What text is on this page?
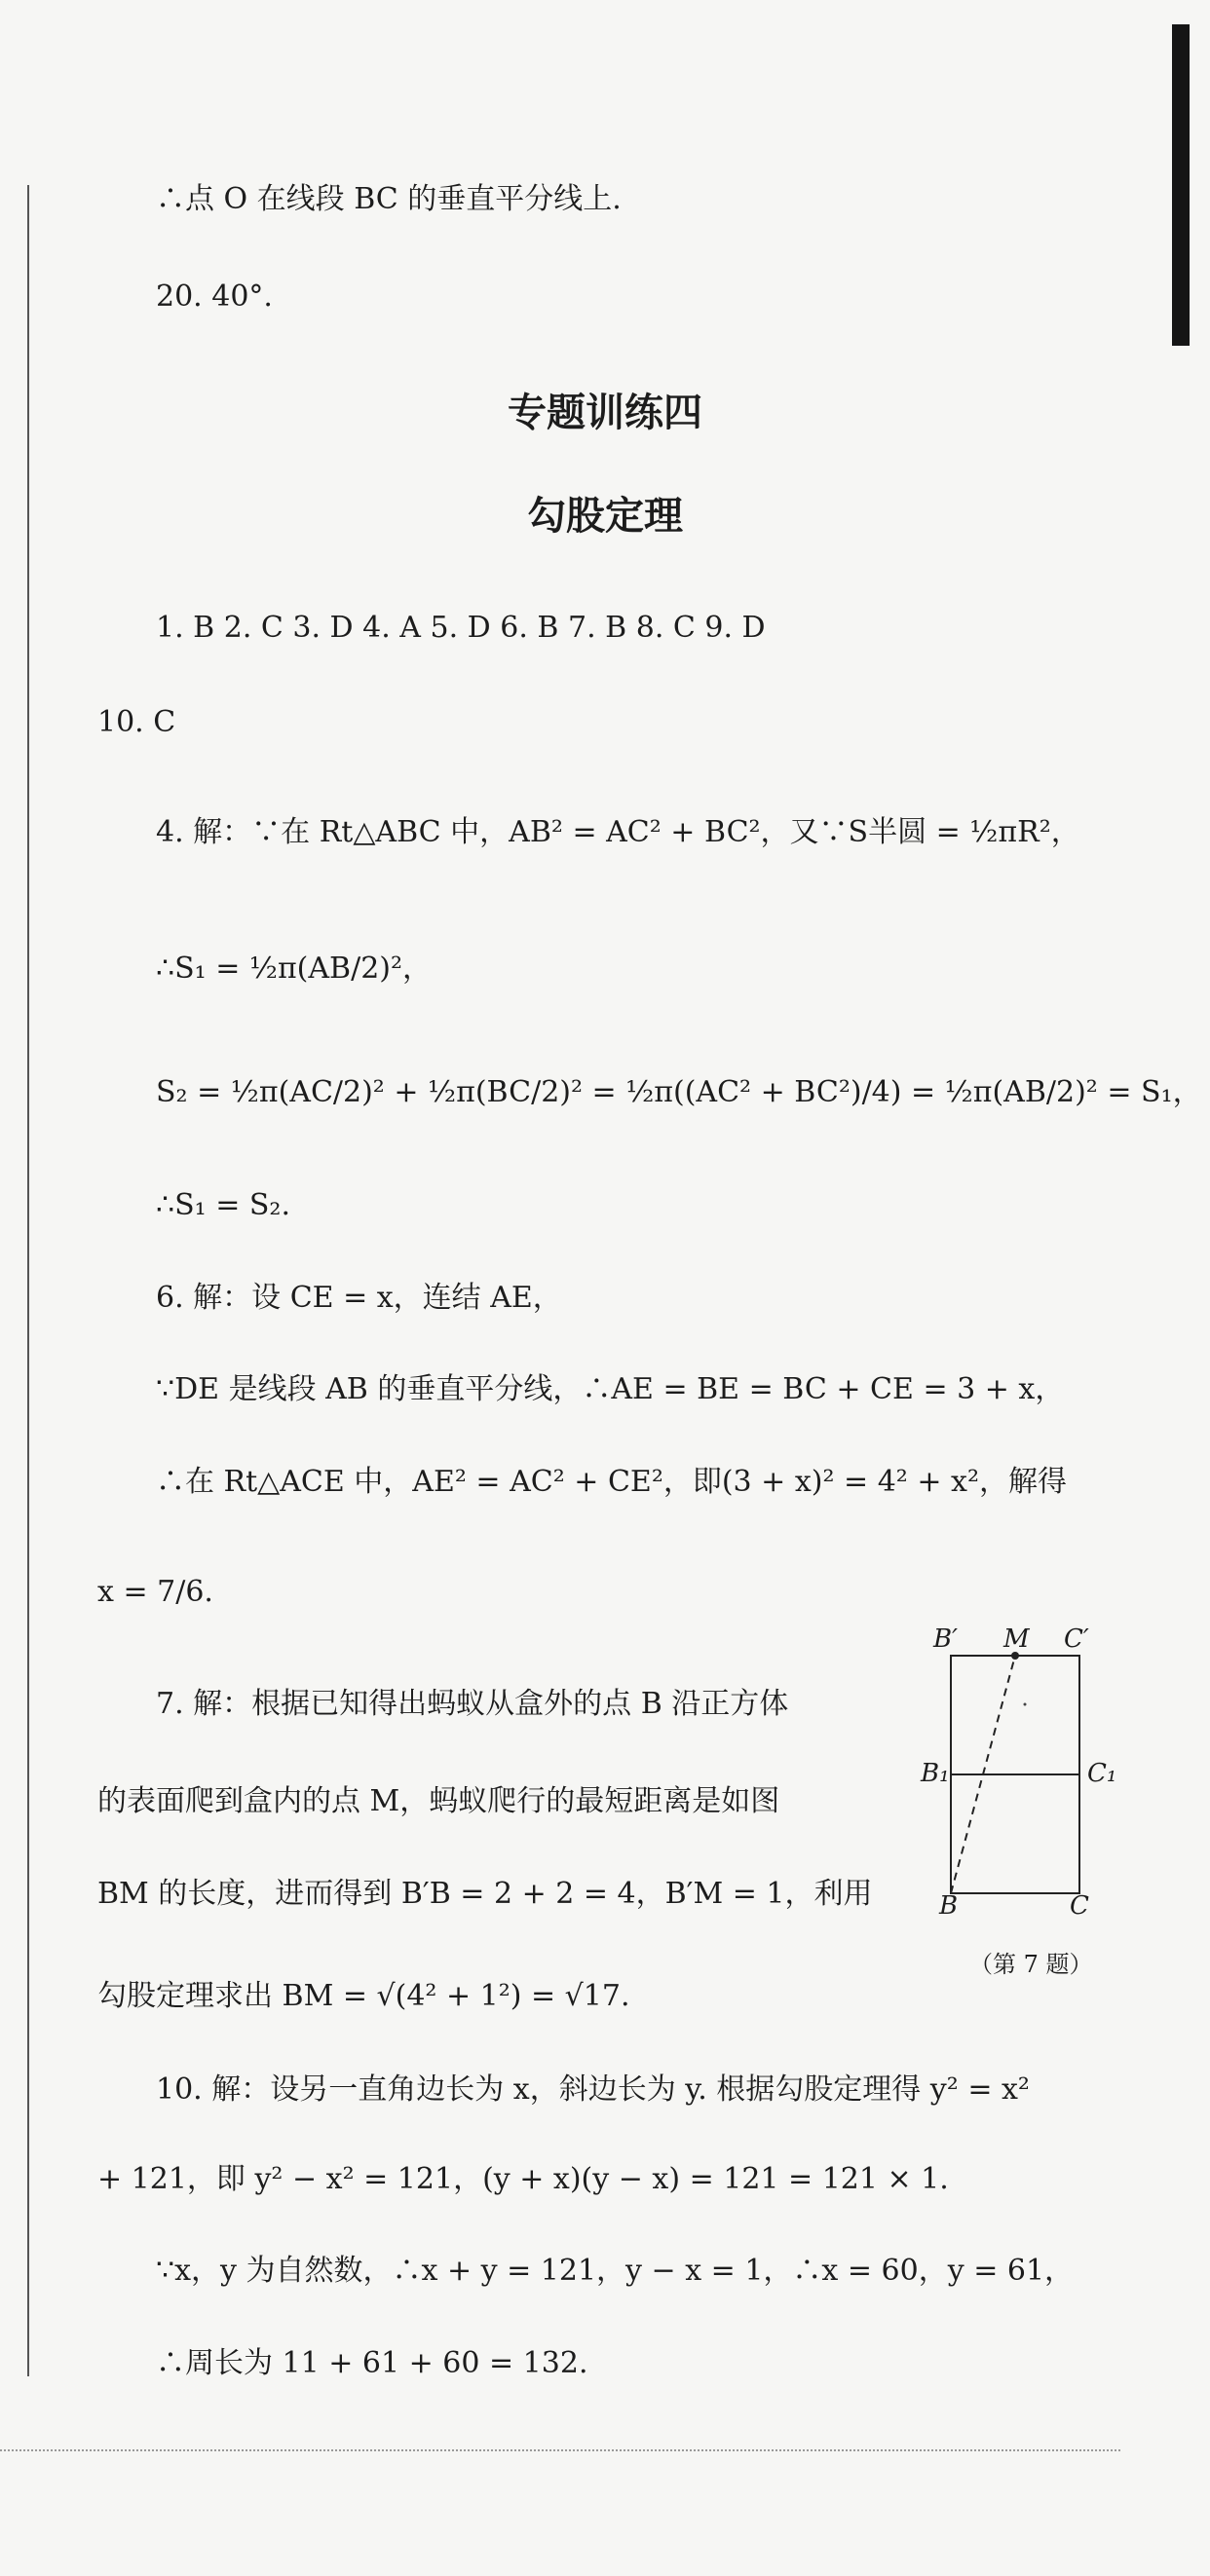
∴点 O 在线段 BC 的垂直平分线上.
20. 40°.
专题训练四
勾股定理
1. B 2. C 3. D 4. A 5. D 6. B 7. B 8. C 9. D
10. C
4. 解：∵在 Rt△ABC 中，AB² = AC² + BC²，又∵S半圆 = ½πR²，
∴S₁ = ½π(AB/2)²，
S₂ = ½π(AC/2)² + ½π(BC/2)² = ½π((AC² + BC²)/4) = ½π(AB/2)² = S₁，
∴S₁ = S₂.
6. 解：设 CE = x，连结 AE，
∵DE 是线段 AB 的垂直平分线，∴AE = BE = BC + CE = 3 + x，
∴在 Rt△ACE 中，AE² = AC² + CE²，即(3 + x)² = 4² + x²，解得
x = 7/6.
7. 解：根据已知得出蚂蚁从盒外的点 B 沿正方体
的表面爬到盒内的点 M，蚂蚁爬行的最短距离是如图
BM 的长度，进而得到 B′B = 2 + 2 = 4，B′M = 1，利用
勾股定理求出 BM = √(4² + 1²) = √17.
B′ M C′
B₁	C₁
B	C
（第 7 题）
10. 解：设另一直角边长为 x，斜边长为 y. 根据勾股定理得 y² = x²
+ 121，即 y² − x² = 121，(y + x)(y − x) = 121 = 121 × 1.
∵x，y 为自然数，∴x + y = 121，y − x = 1，∴x = 60，y = 61，
∴周长为 11 + 61 + 60 = 132.
